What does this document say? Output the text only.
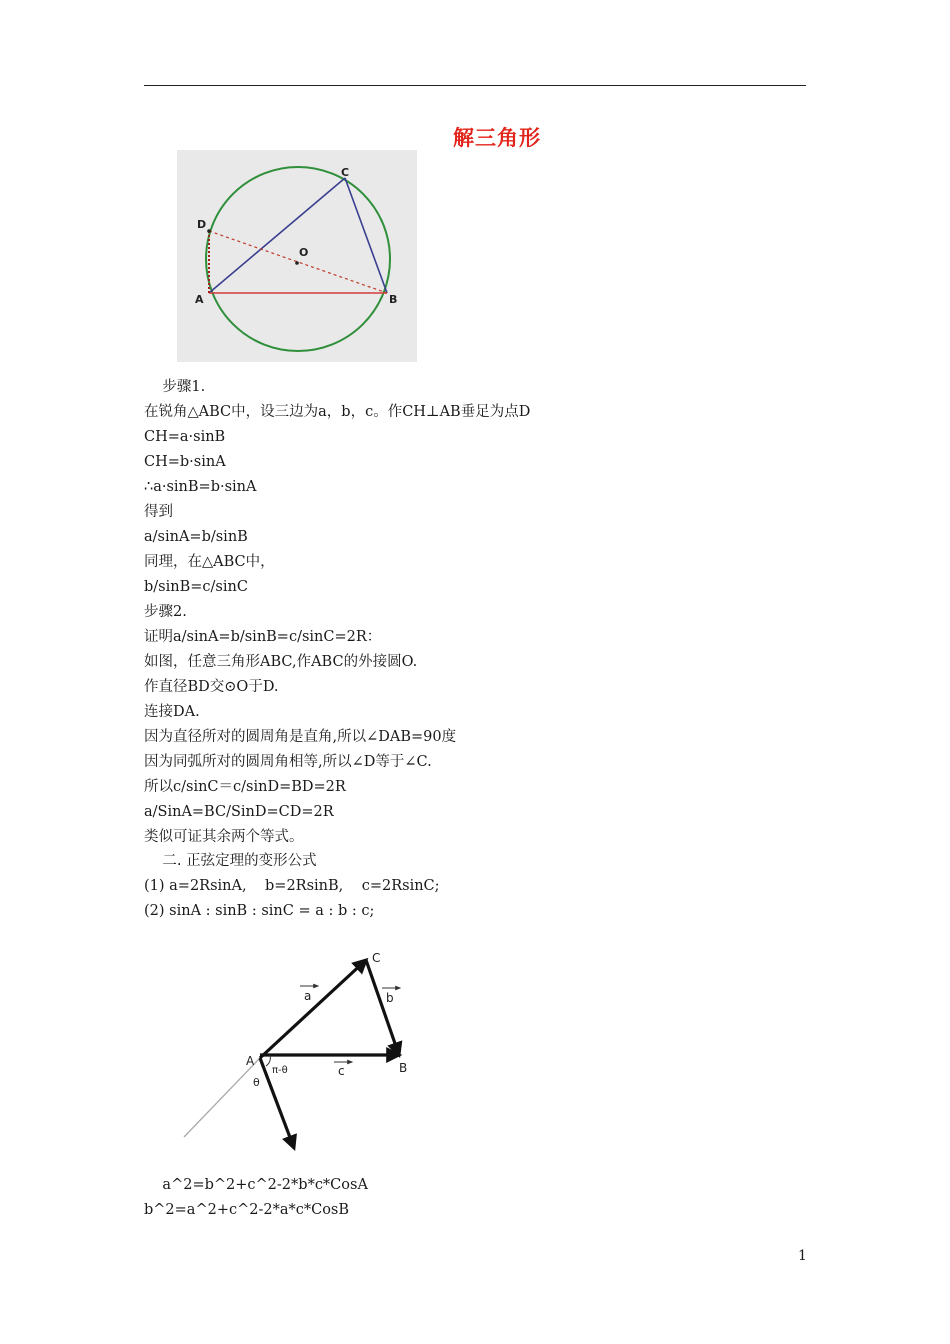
解三角形
C
D
O
A	B
步骤1.
在锐角△ABC中，设三边为a，b，c。作CH⊥AB垂足为点D
CH=a·sinB
CH=b·sinA
∴a·sinB=b·sinA
得到
a/sinA=b/sinB
同理，在△ABC中，
b/sinB=c/sinC
步骤2.
证明a/sinA=b/sinB=c/sinC=2R：
如图，任意三角形ABC,作ABC的外接圆O.
作直径BD交⊙O于D.
连接DA.
因为直径所对的圆周角是直角,所以∠DAB=90度
因为同弧所对的圆周角相等,所以∠D等于∠C.
所以c/sinC＝c/sinD=BD=2R
a/SinA=BC/SinD=CD=2R
类似可证其余两个等式。
二. 正弦定理的变形公式
(1) a=2RsinA,    b=2RsinB,    c=2RsinC;
(2) sinA : sinB : sinC = a : b : c;
a^2=b^2+c^2-2*b*c*CosA
b^2=a^2+c^2-2*a*c*CosB
C
A	B
a	b
c
π-θ
θ
1
